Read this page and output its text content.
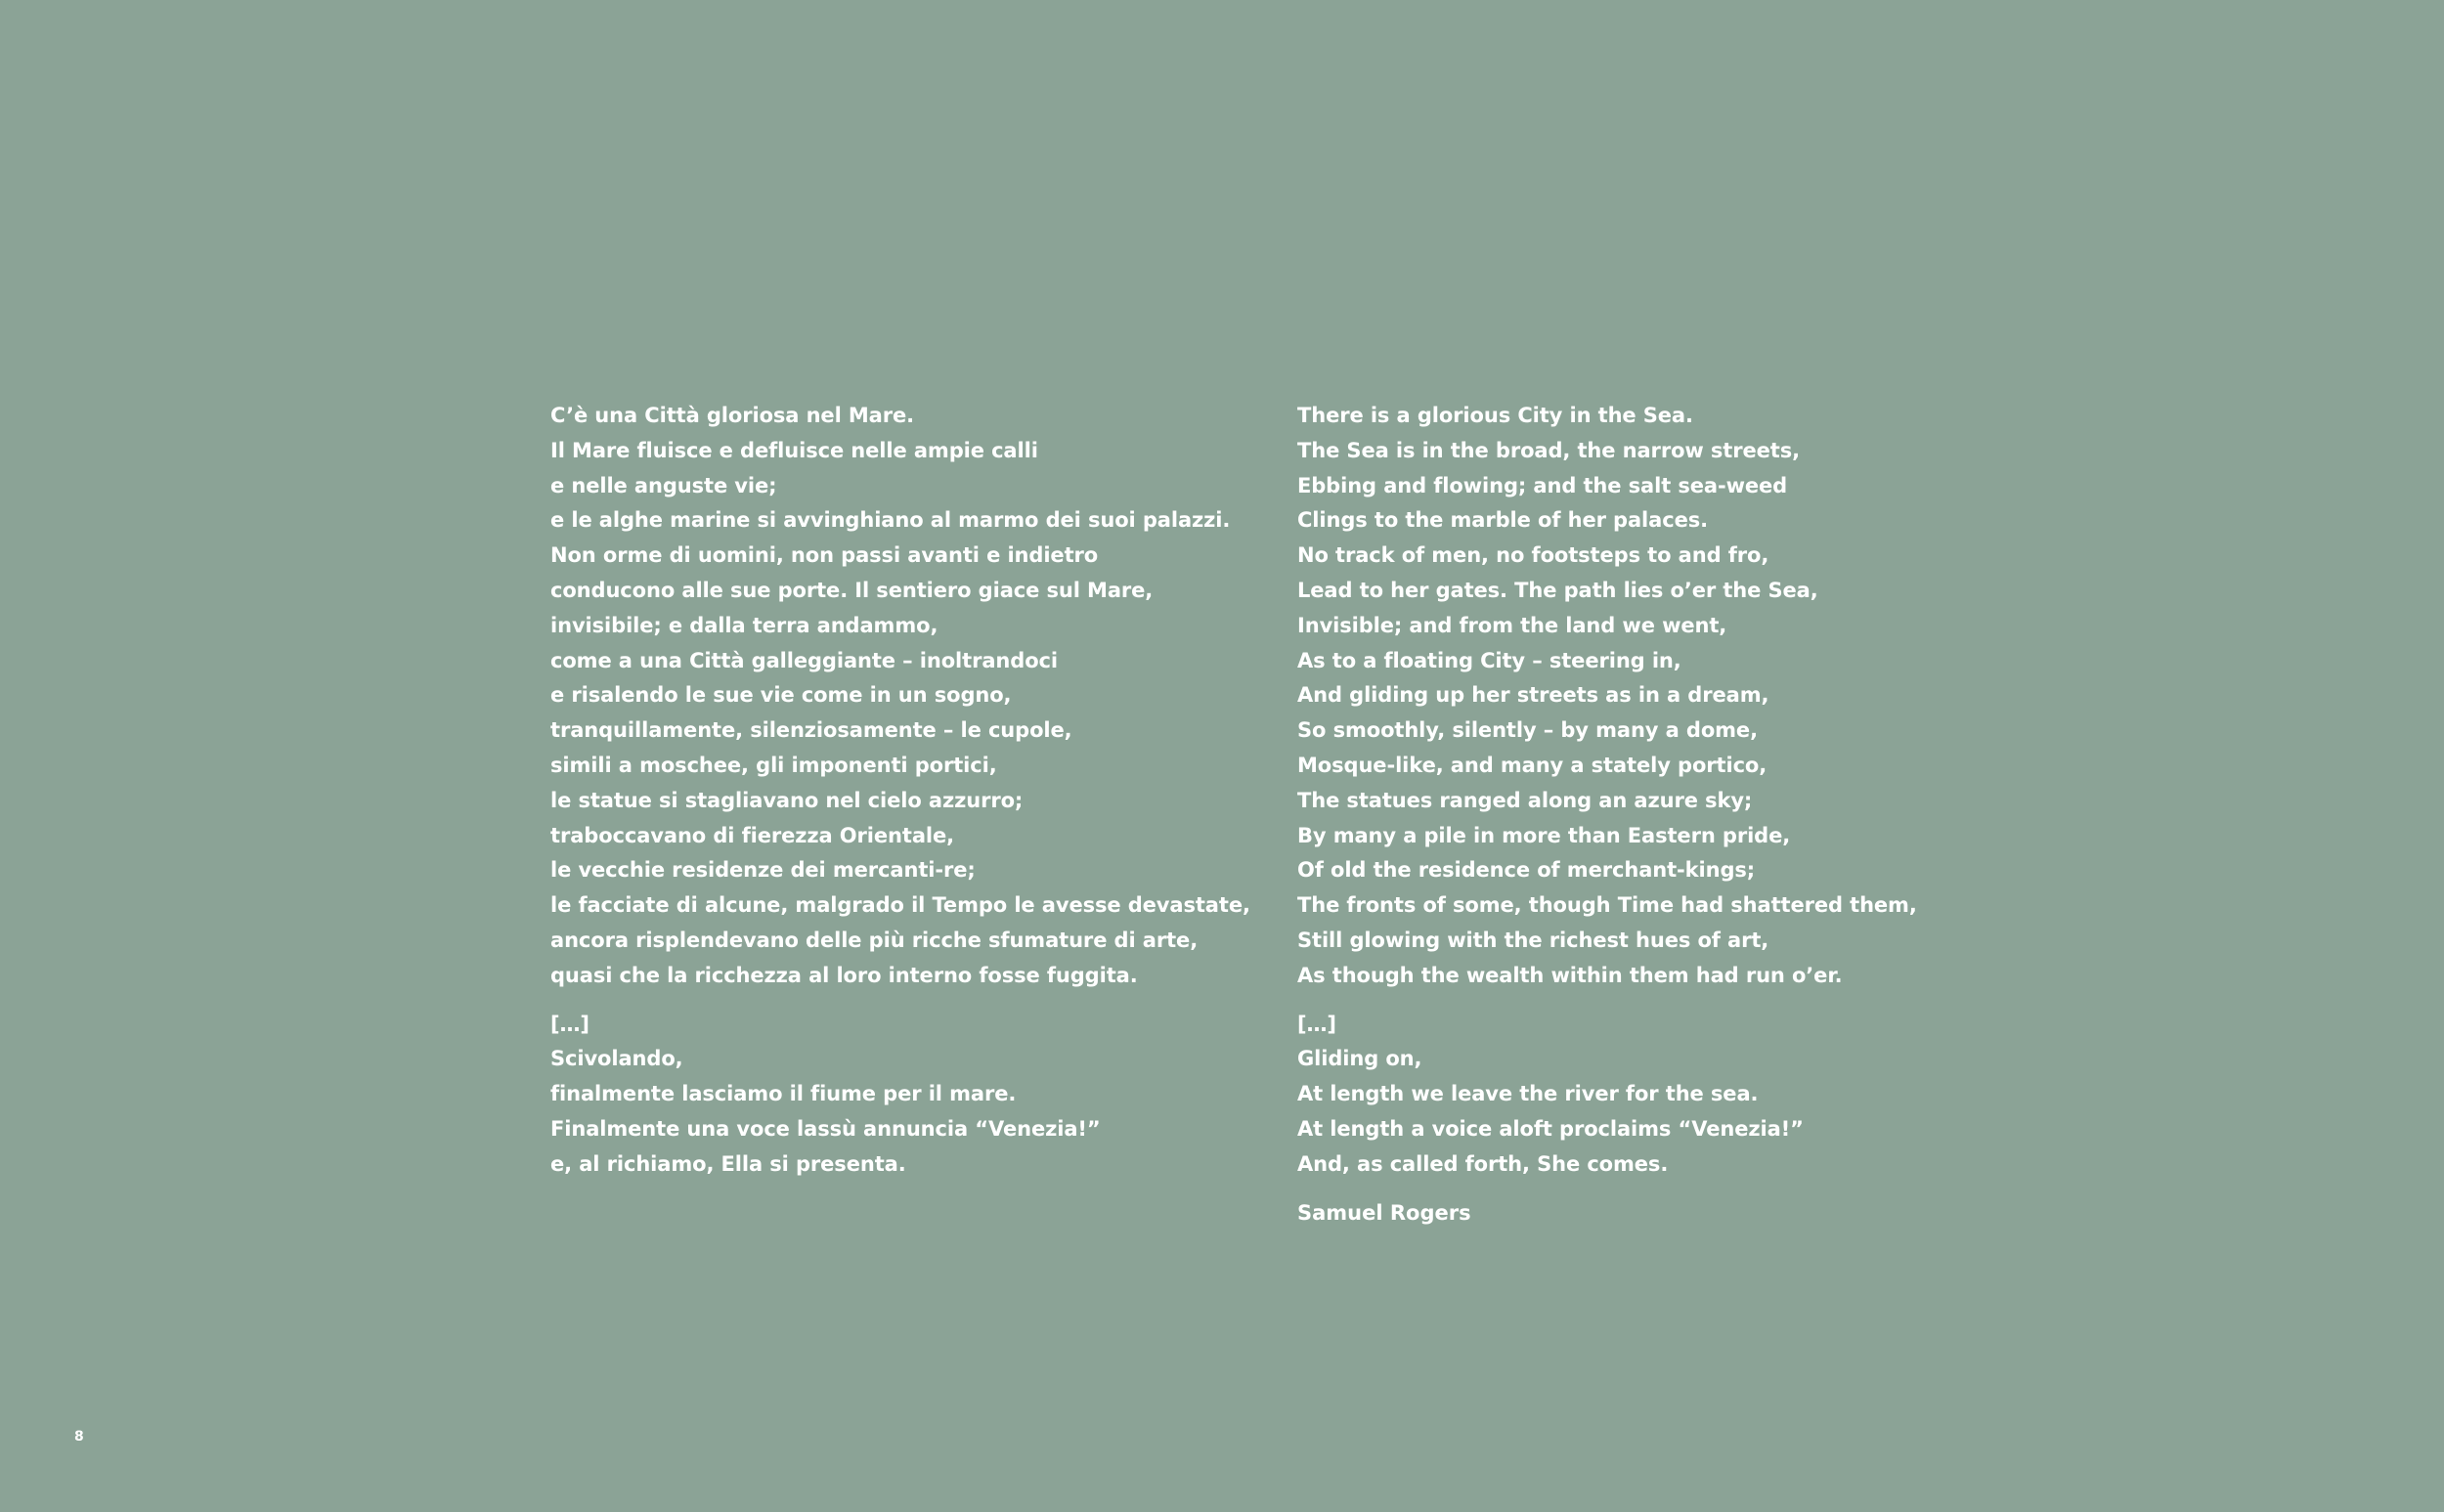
C’è una Città gloriosa nel Mare.
Il Mare fluisce e defluisce nelle ampie calli
e nelle anguste vie;
e le alghe marine si avvinghiano al marmo dei suoi palazzi.
Non orme di uomini, non passi avanti e indietro
conducono alle sue porte. Il sentiero giace sul Mare,
invisibile; e dalla terra andammo,
come a una Città galleggiante – inoltrandoci
e risalendo le sue vie come in un sogno,
tranquillamente, silenziosamente – le cupole,
simili a moschee, gli imponenti portici,
le statue si stagliavano nel cielo azzurro;
traboccavano di fierezza Orientale,
le vecchie residenze dei mercanti-re;
le facciate di alcune, malgrado il Tempo le avesse devastate,
ancora risplendevano delle più ricche sfumature di arte,
quasi che la ricchezza al loro interno fosse fuggita.
[…]
Scivolando,
finalmente lasciamo il fiume per il mare.
Finalmente una voce lassù annuncia “Venezia!”
e, al richiamo, Ella si presenta.
There is a glorious City in the Sea.
The Sea is in the broad, the narrow streets,
Ebbing and flowing; and the salt sea-weed
Clings to the marble of her palaces.
No track of men, no footsteps to and fro,
Lead to her gates. The path lies o’er the Sea,
Invisible; and from the land we went,
As to a floating City – steering in,
And gliding up her streets as in a dream,
So smoothly, silently – by many a dome,
Mosque-like, and many a stately portico,
The statues ranged along an azure sky;
By many a pile in more than Eastern pride,
Of old the residence of merchant-kings;
The fronts of some, though Time had shattered them,
Still glowing with the richest hues of art,
As though the wealth within them had run o’er.
[…]
Gliding on,
At length we leave the river for the sea.
At length a voice aloft proclaims “Venezia!”
And, as called forth, She comes.
Samuel Rogers
8
